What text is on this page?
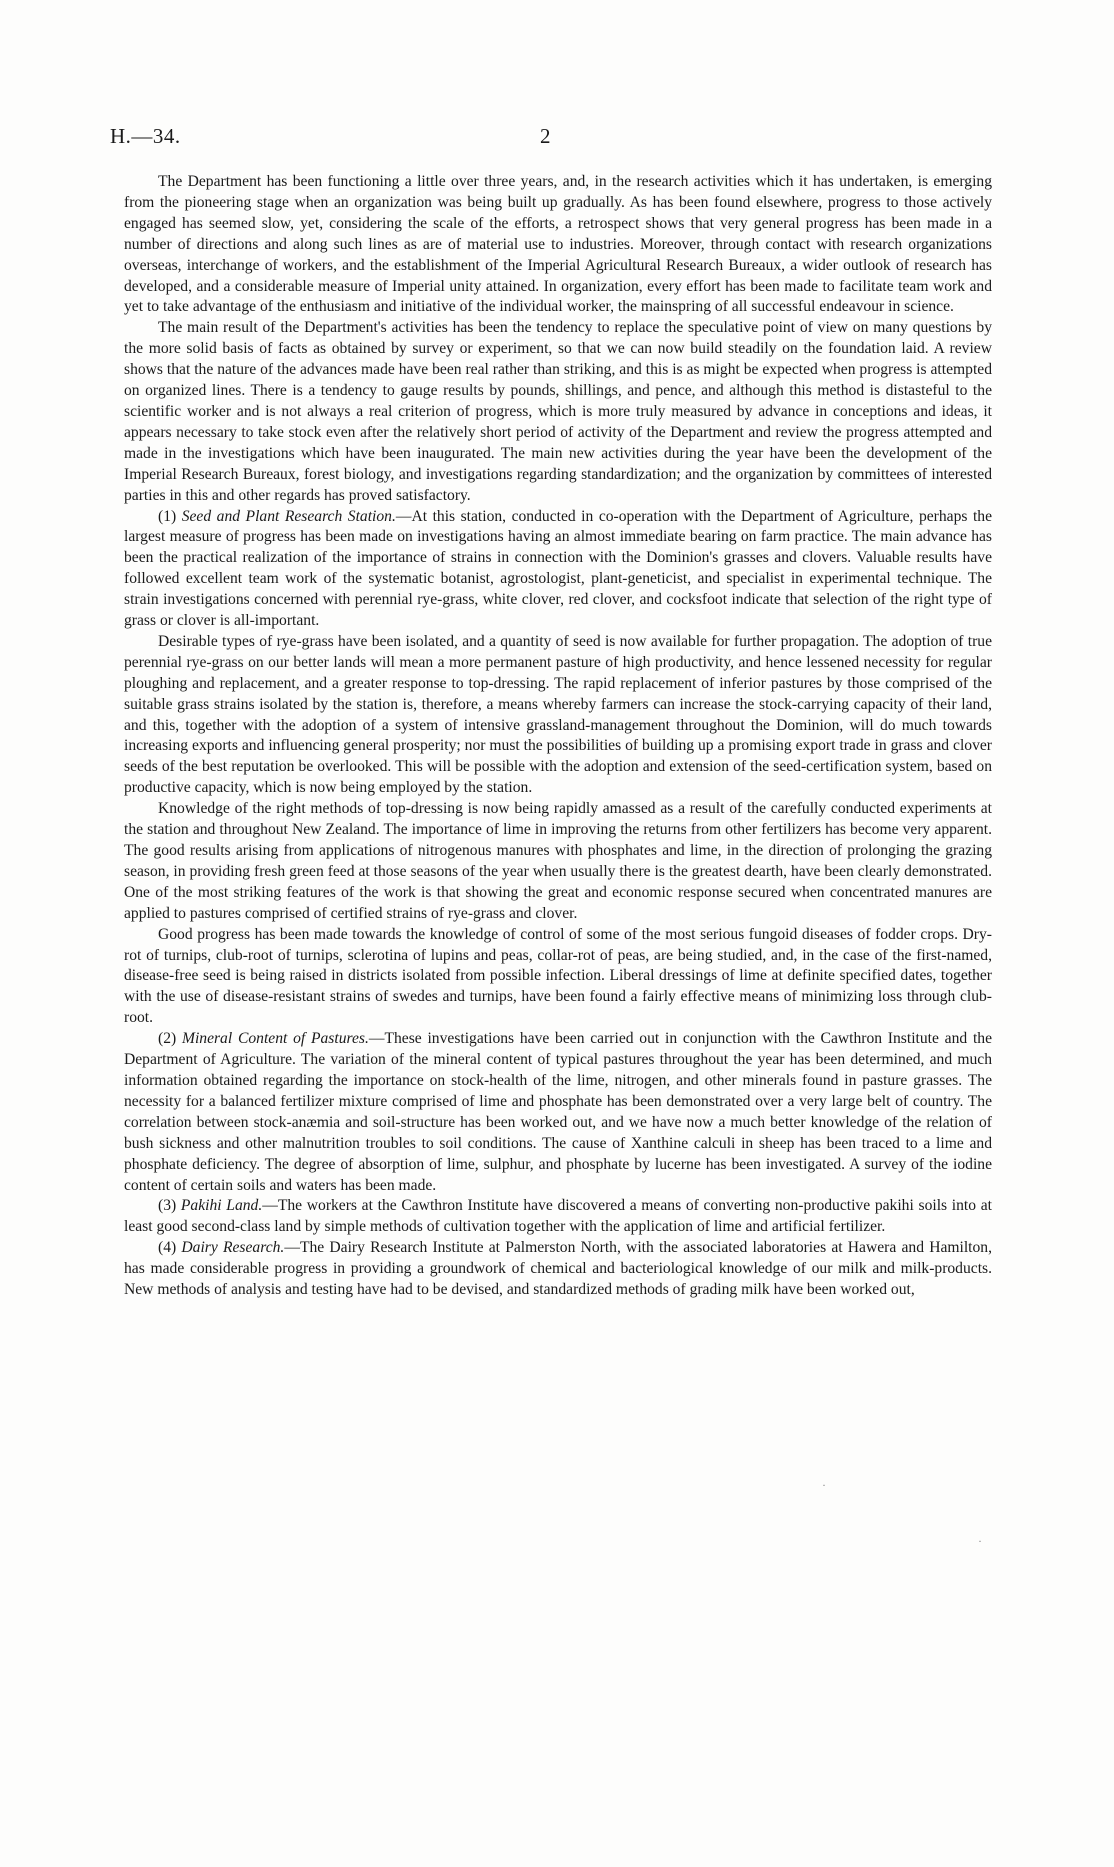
H.—34.	2

The Department has been functioning a little over three years, and, in the research activities which it has undertaken, is emerging from the pioneering stage when an organization was being built up gradually. As has been found elsewhere, progress to those actively engaged has seemed slow, yet, considering the scale of the efforts, a retrospect shows that very general progress has been made in a number of directions and along such lines as are of material use to industries. Moreover, through contact with research organizations overseas, interchange of workers, and the establishment of the Imperial Agricultural Research Bureaux, a wider outlook of research has developed, and a considerable measure of Imperial unity attained. In organization, every effort has been made to facilitate team work and yet to take advantage of the enthusiasm and initiative of the individual worker, the mainspring of all successful endeavour in science.

The main result of the Department's activities has been the tendency to replace the speculative point of view on many questions by the more solid basis of facts as obtained by survey or experiment, so that we can now build steadily on the foundation laid. A review shows that the nature of the advances made have been real rather than striking, and this is as might be expected when progress is attempted on organized lines. There is a tendency to gauge results by pounds, shillings, and pence, and although this method is distasteful to the scientific worker and is not always a real criterion of progress, which is more truly measured by advance in conceptions and ideas, it appears necessary to take stock even after the relatively short period of activity of the Department and review the progress attempted and made in the investigations which have been inaugurated. The main new activities during the year have been the development of the Imperial Research Bureaux, forest biology, and investigations regarding standardization; and the organization by committees of interested parties in this and other regards has proved satisfactory.

(1) Seed and Plant Research Station.—At this station, conducted in co-operation with the Department of Agriculture, perhaps the largest measure of progress has been made on investigations having an almost immediate bearing on farm practice. The main advance has been the practical realization of the importance of strains in connection with the Dominion's grasses and clovers. Valuable results have followed excellent team work of the systematic botanist, agrostologist, plant-geneticist, and specialist in experimental technique. The strain investigations concerned with perennial rye-grass, white clover, red clover, and cocksfoot indicate that selection of the right type of grass or clover is all-important.

Desirable types of rye-grass have been isolated, and a quantity of seed is now available for further propagation. The adoption of true perennial rye-grass on our better lands will mean a more permanent pasture of high productivity, and hence lessened necessity for regular ploughing and replacement, and a greater response to top-dressing. The rapid replacement of inferior pastures by those comprised of the suitable grass strains isolated by the station is, therefore, a means whereby farmers can increase the stock-carrying capacity of their land, and this, together with the adoption of a system of intensive grassland-management throughout the Dominion, will do much towards increasing exports and influencing general prosperity; nor must the possibilities of building up a promising export trade in grass and clover seeds of the best reputation be overlooked. This will be possible with the adoption and extension of the seed-certification system, based on productive capacity, which is now being employed by the station.

Knowledge of the right methods of top-dressing is now being rapidly amassed as a result of the carefully conducted experiments at the station and throughout New Zealand. The importance of lime in improving the returns from other fertilizers has become very apparent. The good results arising from applications of nitrogenous manures with phosphates and lime, in the direction of prolonging the grazing season, in providing fresh green feed at those seasons of the year when usually there is the greatest dearth, have been clearly demonstrated. One of the most striking features of the work is that showing the great and economic response secured when concentrated manures are applied to pastures comprised of certified strains of rye-grass and clover.

Good progress has been made towards the knowledge of control of some of the most serious fungoid diseases of fodder crops. Dry-rot of turnips, club-root of turnips, sclerotina of lupins and peas, collar-rot of peas, are being studied, and, in the case of the first-named, disease-free seed is being raised in districts isolated from possible infection. Liberal dressings of lime at definite specified dates, together with the use of disease-resistant strains of swedes and turnips, have been found a fairly effective means of minimizing loss through club-root.

(2) Mineral Content of Pastures.—These investigations have been carried out in conjunction with the Cawthron Institute and the Department of Agriculture. The variation of the mineral content of typical pastures throughout the year has been determined, and much information obtained regarding the importance on stock-health of the lime, nitrogen, and other minerals found in pasture grasses. The necessity for a balanced fertilizer mixture comprised of lime and phosphate has been demonstrated over a very large belt of country. The correlation between stock-anæmia and soil-structure has been worked out, and we have now a much better knowledge of the relation of bush sickness and other malnutrition troubles to soil conditions. The cause of Xanthine calculi in sheep has been traced to a lime and phosphate deficiency. The degree of absorption of lime, sulphur, and phosphate by lucerne has been investigated. A survey of the iodine content of certain soils and waters has been made.

(3) Pakihi Land.—The workers at the Cawthron Institute have discovered a means of converting non-productive pakihi soils into at least good second-class land by simple methods of cultivation together with the application of lime and artificial fertilizer.

(4) Dairy Research.—The Dairy Research Institute at Palmerston North, with the associated laboratories at Hawera and Hamilton, has made considerable progress in providing a groundwork of chemical and bacteriological knowledge of our milk and milk-products. New methods of analysis and testing have had to be devised, and standardized methods of grading milk have been worked out,

·
·
